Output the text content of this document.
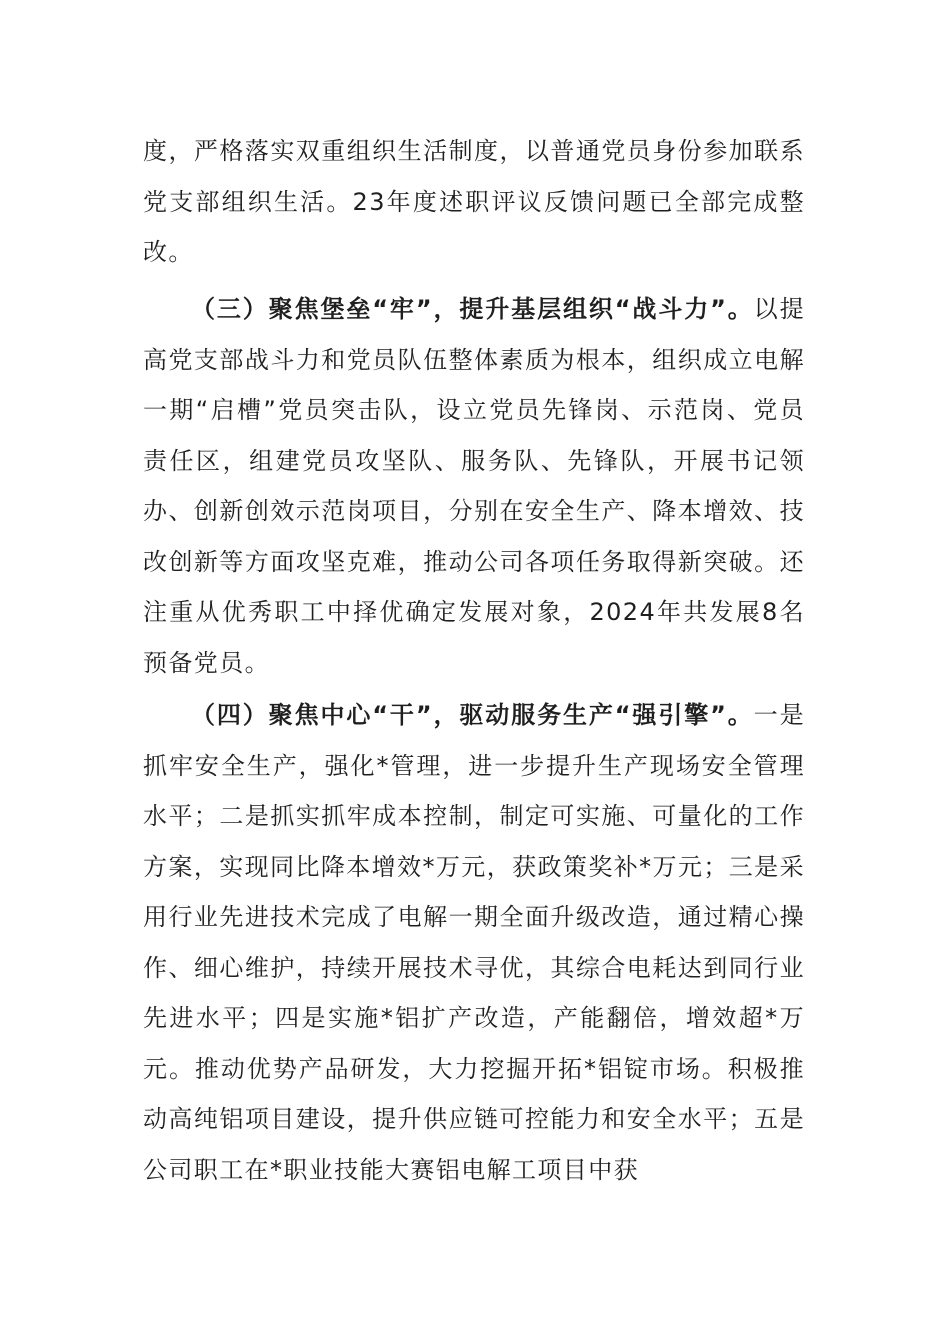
度，严格落实双重组织生活制度，以普通党员身份参加联系党支部组织生活。23年度述职评议反馈问题已全部完成整改。

（三）聚焦堡垒“牢”，提升基层组织“战斗力”。以提高党支部战斗力和党员队伍整体素质为根本，组织成立电解一期“启槽”党员突击队，设立党员先锋岗、示范岗、党员责任区，组建党员攻坚队、服务队、先锋队，开展书记领办、创新创效示范岗项目，分别在安全生产、降本增效、技改创新等方面攻坚克难，推动公司各项任务取得新突破。还注重从优秀职工中择优确定发展对象，2024年共发展8名预备党员。

（四）聚焦中心“干”，驱动服务生产“强引擎”。一是抓牢安全生产，强化*管理，进一步提升生产现场安全管理水平；二是抓实抓牢成本控制，制定可实施、可量化的工作方案，实现同比降本增效*万元，获政策奖补*万元；三是采用行业先进技术完成了电解一期全面升级改造，通过精心操作、细心维护，持续开展技术寻优，其综合电耗达到同行业先进水平；四是实施*铝扩产改造，产能翻倍，增效超*万元。推动优势产品研发，大力挖掘开拓*铝锭市场。积极推动高纯铝项目建设，提升供应链可控能力和安全水平；五是公司职工在*职业技能大赛铝电解工项目中获
